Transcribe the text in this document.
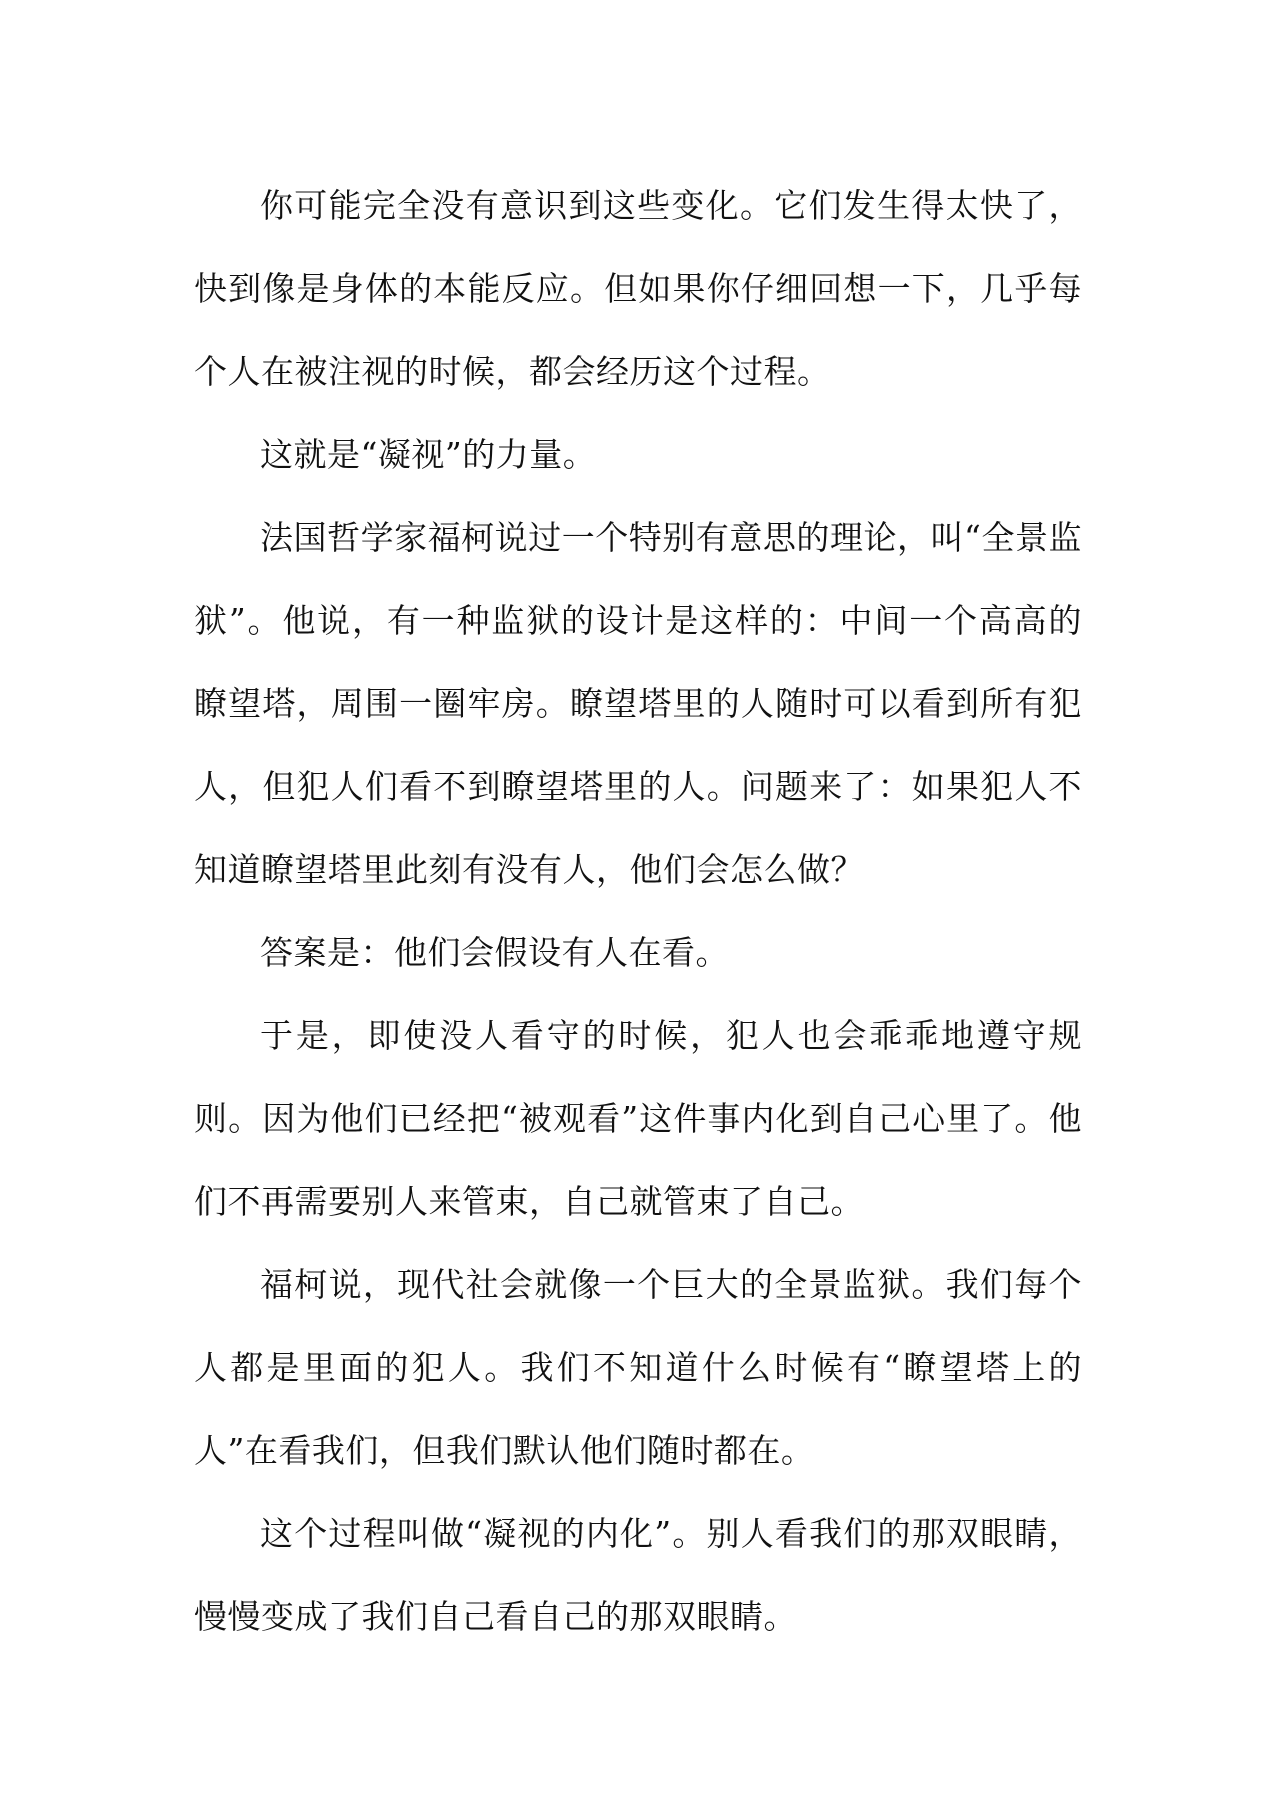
你可能完全没有意识到这些变化。它们发生得太快了，快到像是身体的本能反应。但如果你仔细回想一下，几乎每个人在被注视的时候，都会经历这个过程。

这就是“凝视”的力量。

法国哲学家福柯说过一个特别有意思的理论，叫“全景监狱”。他说，有一种监狱的设计是这样的：中间一个高高的瞭望塔，周围一圈牢房。瞭望塔里的人随时可以看到所有犯人，但犯人们看不到瞭望塔里的人。问题来了：如果犯人不知道瞭望塔里此刻有没有人，他们会怎么做？

答案是：他们会假设有人在看。

于是，即使没人看守的时候，犯人也会乖乖地遵守规则。因为他们已经把“被观看”这件事内化到自己心里了。他们不再需要别人来管束，自己就管束了自己。

福柯说，现代社会就像一个巨大的全景监狱。我们每个人都是里面的犯人。我们不知道什么时候有“瞭望塔上的人”在看我们，但我们默认他们随时都在。

这个过程叫做“凝视的内化”。别人看我们的那双眼睛，慢慢变成了我们自己看自己的那双眼睛。
